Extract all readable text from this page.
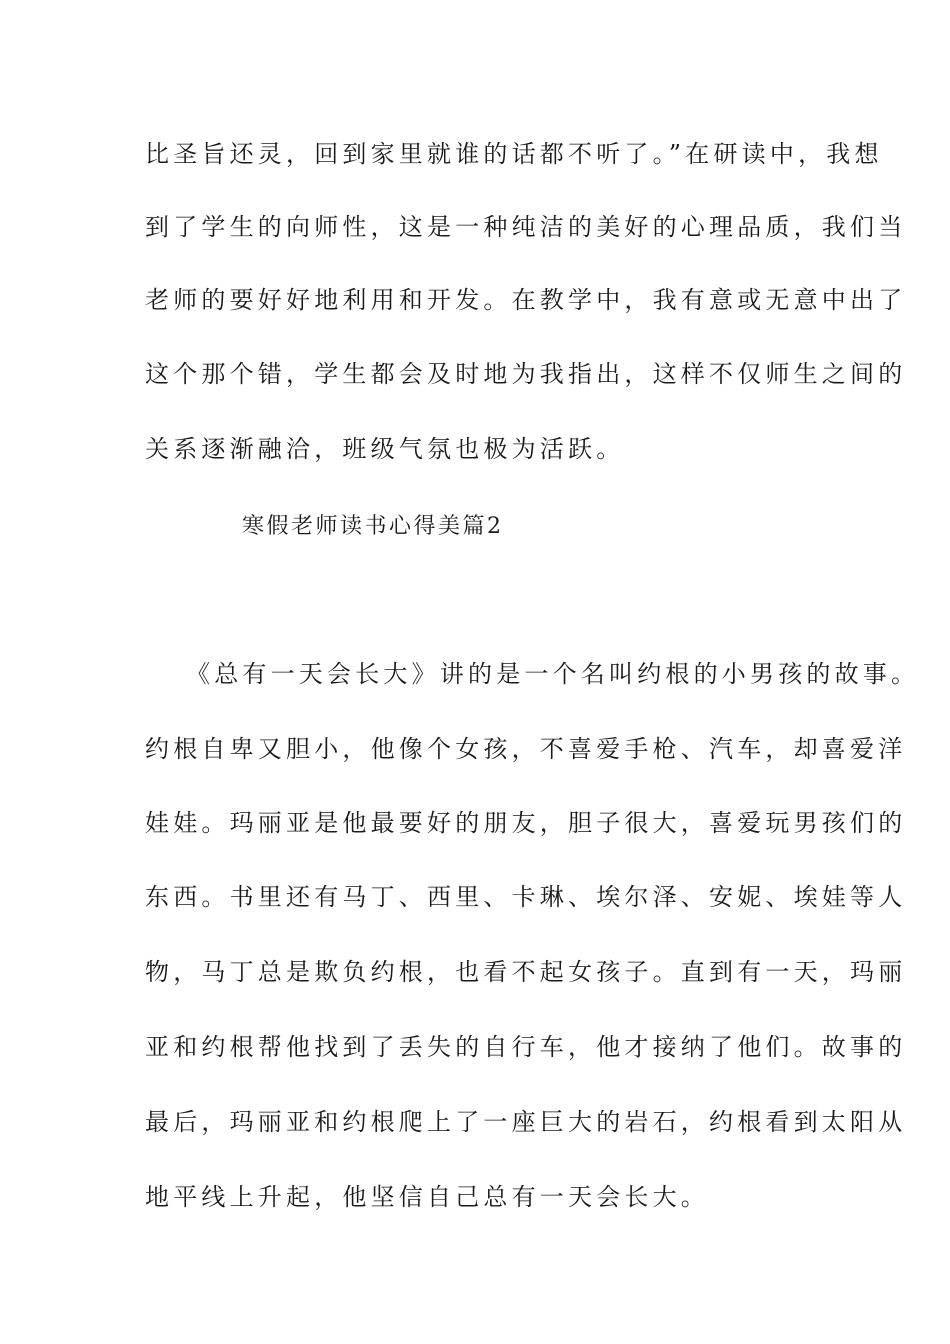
比圣旨还灵，回到家里就谁的话都不听了。”在研读中，我想
到了学生的向师性，这是一种纯洁的美好的心理品质，我们当
老师的要好好地利用和开发。在教学中，我有意或无意中出了
这个那个错，学生都会及时地为我指出，这样不仅师生之间的
关系逐渐融洽，班级气氛也极为活跃。
寒假老师读书心得美篇2
《总有一天会长大》讲的是一个名叫约根的小男孩的故事。
约根自卑又胆小，他像个女孩，不喜爱手枪、汽车，却喜爱洋
娃娃。玛丽亚是他最要好的朋友，胆子很大，喜爱玩男孩们的
东西。书里还有马丁、西里、卡琳、埃尔泽、安妮、埃娃等人
物，马丁总是欺负约根，也看不起女孩子。直到有一天，玛丽
亚和约根帮他找到了丢失的自行车，他才接纳了他们。故事的
最后，玛丽亚和约根爬上了一座巨大的岩石，约根看到太阳从
地平线上升起，他坚信自己总有一天会长大。
